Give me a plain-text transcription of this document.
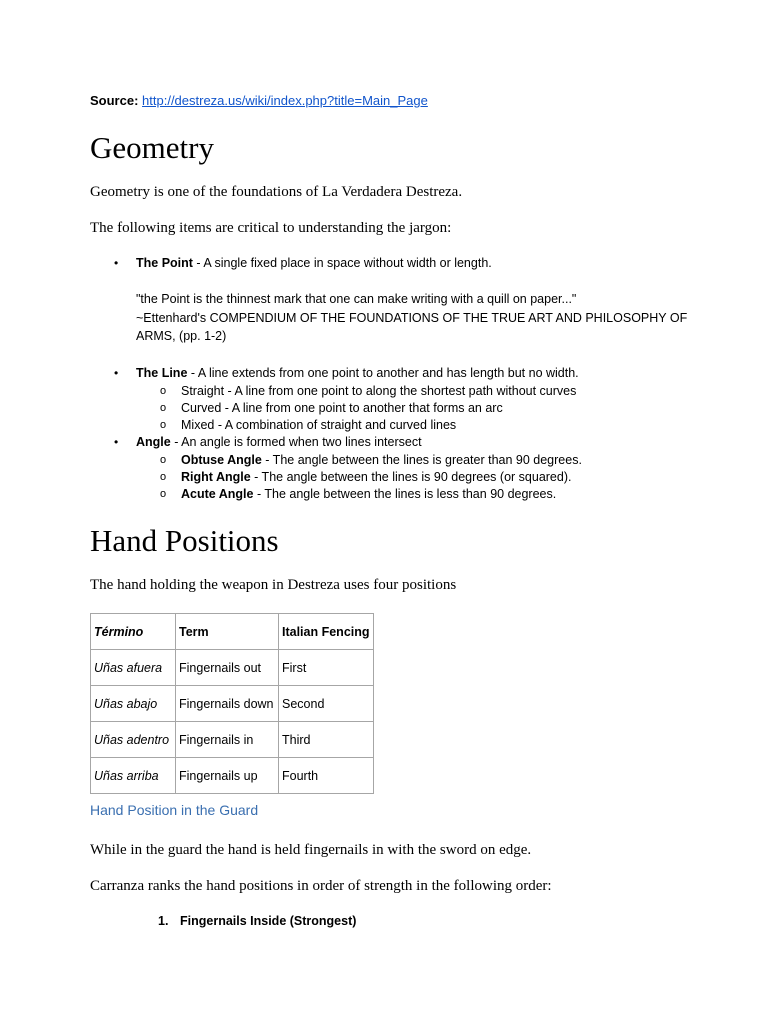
Source: http://destreza.us/wiki/index.php?title=Main_Page
Geometry

Geometry is one of the foundations of La Verdadera Destreza.

The following items are critical to understanding the jargon:

• The Point - A single fixed place in space without width or length.
"the Point is the thinnest mark that one can make writing with a quill on paper..."
~Ettenhard's COMPENDIUM OF THE FOUNDATIONS OF THE TRUE ART AND PHILOSOPHY OF
ARMS, (pp. 1-2)
• The Line - A line extends from one point to another and has length but no width.
o Straight - A line from one point to along the shortest path without curves
o Curved - A line from one point to another that forms an arc
o Mixed - A combination of straight and curved lines
• Angle - An angle is formed when two lines intersect
o Obtuse Angle - The angle between the lines is greater than 90 degrees.
o Right Angle - The angle between the lines is 90 degrees (or squared).
o Acute Angle - The angle between the lines is less than 90 degrees.
Hand Positions

The hand holding the weapon in Destreza uses four positions

Término	Term	Italian Fencing
Uñas afuera	Fingernails out	First
Uñas abajo	Fingernails down	Second
Uñas adentro	Fingernails in	Third
Uñas arriba	Fingernails up	Fourth
Hand Position in the Guard

While in the guard the hand is held fingernails in with the sword on edge.

Carranza ranks the hand positions in order of strength in the following order:

1. Fingernails Inside (Strongest)
